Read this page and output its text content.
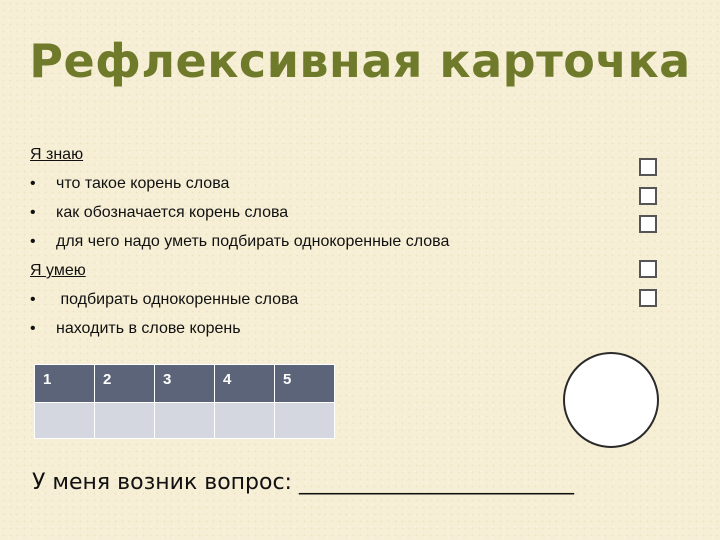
Рефлексивная карточка
Я знаю
• что такое корень слова
• как обозначается корень слова
• для чего надо уметь подбирать однокоренные слова
Я умею
• подбирать однокоренные слова
• находить в слове корень
1	2	3	4	5

У меня возник вопрос: _________________________
